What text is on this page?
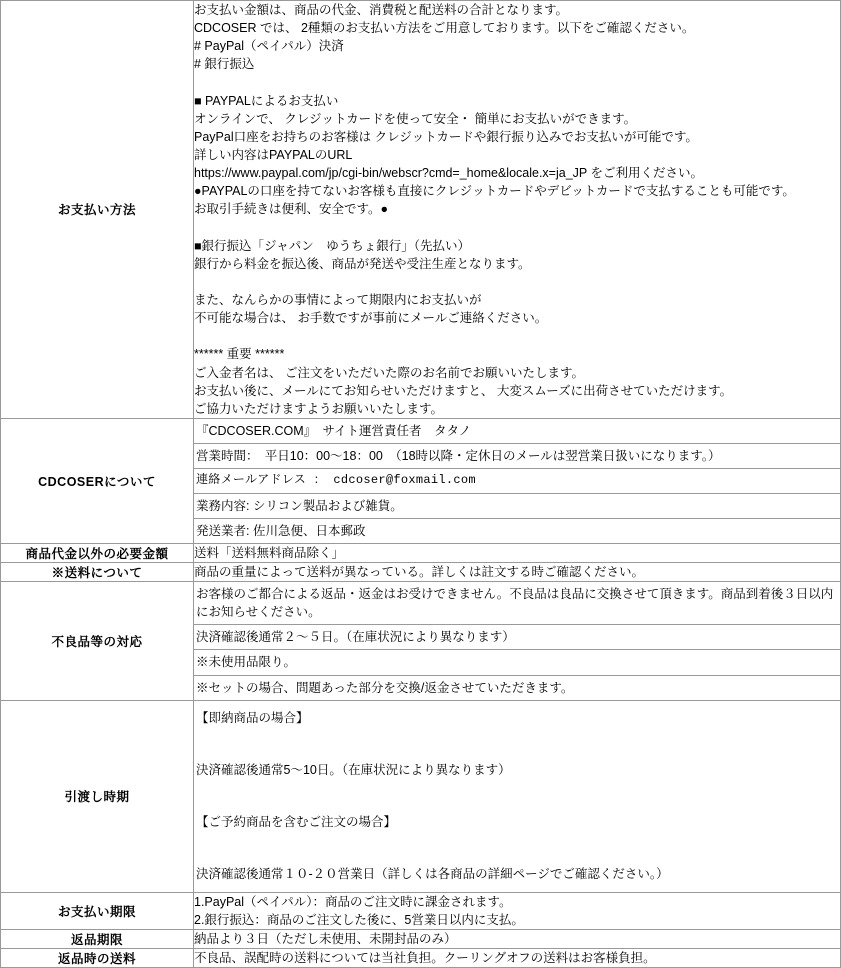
お支払い方法	
お支払い金額は、商品の代金、消費税と配送料の合計となります。
CDCOSER では、 2種類のお支払い方法をご用意しております。以下をご確認ください。
# PayPal（ペイパル）決済
# 銀行振込

■ PAYPALによるお支払い
オンラインで、 クレジットカードを使って安全・ 簡単にお支払いができます。
PayPal口座をお持ちのお客様は クレジットカードや銀行振り込みでお支払いが可能です。
詳しい内容はPAYPALのURL
https://www.paypal.com/jp/cgi-bin/webscr?cmd=_home&locale.x=ja_JP をご利用ください。
●PAYPALの口座を持てないお客様も直接にクレジットカードやデビットカードで支払することも可能です。
お取引手続きは便利、安全です。●

■銀行振込「ジャパン　ゆうちょ銀行」（先払い）
銀行から料金を振込後、商品が発送や受注生産となります。

また、なんらかの事情によって期限内にお支払いが
不可能な場合は、 お手数ですが事前にメールご連絡ください。

****** 重要 ******
ご入金者名は、 ご注文をいただいた際のお名前でお願いいたします。
お支払い後に、メールにてお知らせいただけますと、 大変スムーズに出荷させていただけます。
ご協力いただけますようお願いいたします。

CDCOSERについて	『CDCOSER.COM』　サイト運営責任者　タタノ
営業時間：　平日10：00～18：00　（18時以降・定休日のメールは翌営業日扱いになります。）
連絡メールアドレス ： cdcoser@foxmail.com
業務内容: シリコン製品および雑貨。
発送業者: 佐川急便、日本郵政

商品代金以外の必要金額	送料「送料無料商品除く」

※送料について	商品の重量によって送料が異なっている。詳しくは註文する時ご確認ください。

不良品等の対応	お客様のご都合による返品・返金はお受けできません。不良品は良品に交換させて頂きます。商品到着後３日以内にお知らせください。
決済確認後通常２～５日。（在庫状況により異なります）
※未使用品限り。
※セットの場合、問題あった部分を交換/返金させていただきます。

引渡し時期	【即納商品の場合】

決済確認後通常5～10日。（在庫状況により異なります）

【ご予約商品を含むご注文の場合】

決済確認後通常１０-２０営業日（詳しくは各商品の詳細ページでご確認ください。）

お支払い期限	1.PayPal（ペイパル）：商品のご注文時に課金されます。
2.銀行振込：商品のご注文した後に、5営業日以内に支払。

返品期限	納品より３日（ただし未使用、未開封品のみ）

返品時の送料	不良品、誤配時の送料については当社負担。クーリングオフの送料はお客様負担。
